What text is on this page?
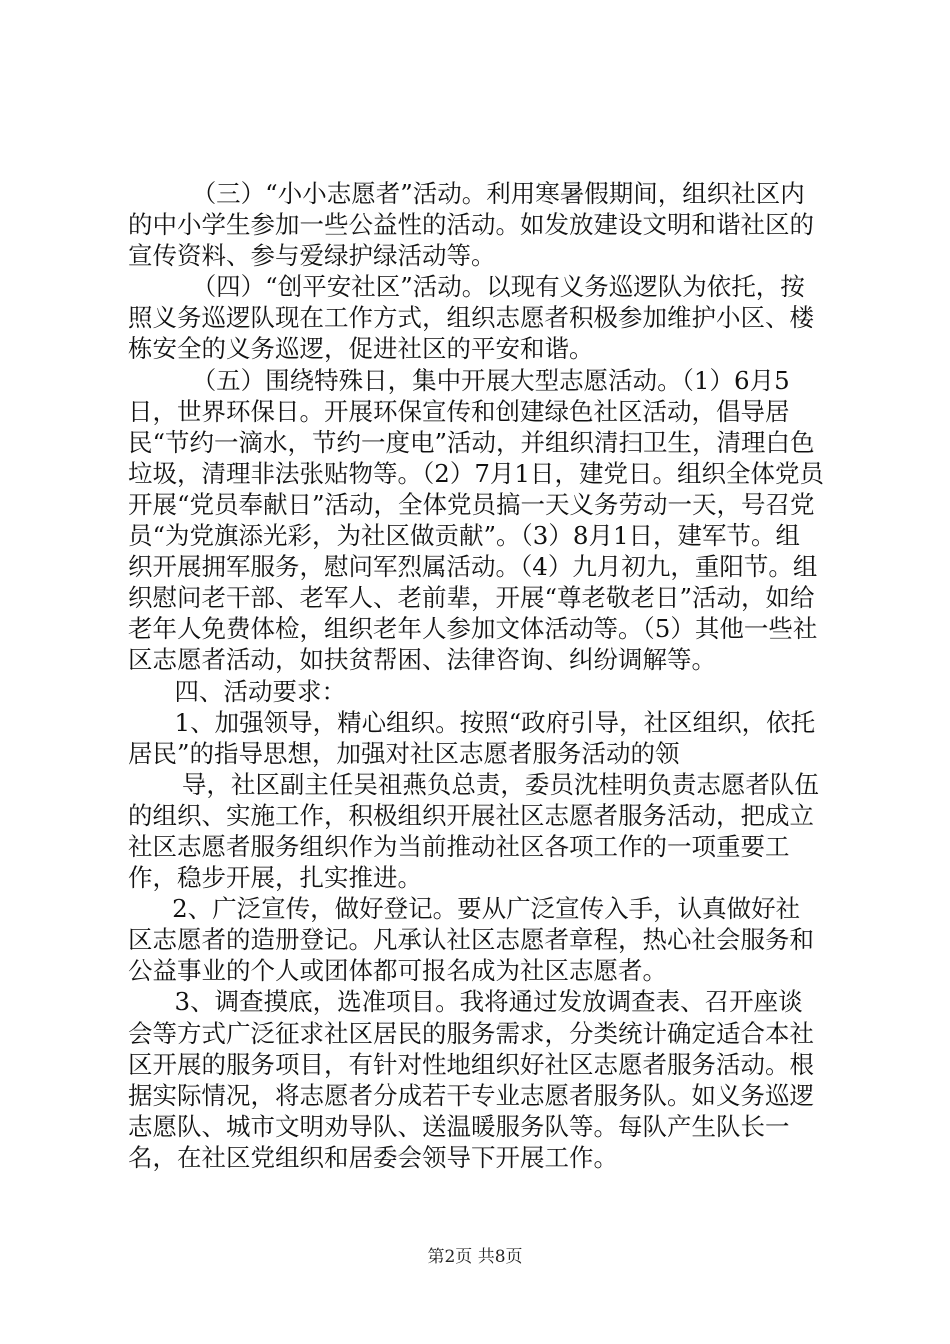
（三）“小小志愿者”活动。利用寒暑假期间，组织社区内的中小学生参加一些公益性的活动。如发放建设文明和谐社区的宣传资料、参与爱绿护绿活动等。

（四）“创平安社区”活动。以现有义务巡逻队为依托，按照义务巡逻队现在工作方式，组织志愿者积极参加维护小区、楼栋安全的义务巡逻，促进社区的平安和谐。

（五）围绕特殊日，集中开展大型志愿活动。（1）6月5日，世界环保日。开展环保宣传和创建绿色社区活动，倡导居民“节约一滴水，节约一度电”活动，并组织清扫卫生，清理白色垃圾，清理非法张贴物等。（2）7月1日，建党日。组织全体党员开展“党员奉献日”活动，全体党员搞一天义务劳动一天，号召党员“为党旗添光彩，为社区做贡献”。（3）8月1日，建军节。组织开展拥军服务，慰问军烈属活动。（4）九月初九，重阳节。组织慰问老干部、老军人、老前辈，开展“尊老敬老日”活动，如给老年人免费体检，组织老年人参加文体活动等。（5）其他一些社区志愿者活动，如扶贫帮困、法律咨询、纠纷调解等。

四、活动要求：

1、加强领导，精心组织。按照“政府引导，社区组织，依托居民”的指导思想，加强对社区志愿者服务活动的领

导，社区副主任吴祖燕负总责，委员沈桂明负责志愿者队伍的组织、实施工作，积极组织开展社区志愿者服务活动，把成立社区志愿者服务组织作为当前推动社区各项工作的一项重要工作，稳步开展，扎实推进。

2、广泛宣传，做好登记。要从广泛宣传入手，认真做好社区志愿者的造册登记。凡承认社区志愿者章程，热心社会服务和公益事业的个人或团体都可报名成为社区志愿者。

3、调查摸底，选准项目。我将通过发放调查表、召开座谈会等方式广泛征求社区居民的服务需求，分类统计确定适合本社区开展的服务项目，有针对性地组织好社区志愿者服务活动。根据实际情况，将志愿者分成若干专业志愿者服务队。如义务巡逻志愿队、城市文明劝导队、送温暖服务队等。每队产生队长一名，在社区党组织和居委会领导下开展工作。

第2页 共8页
